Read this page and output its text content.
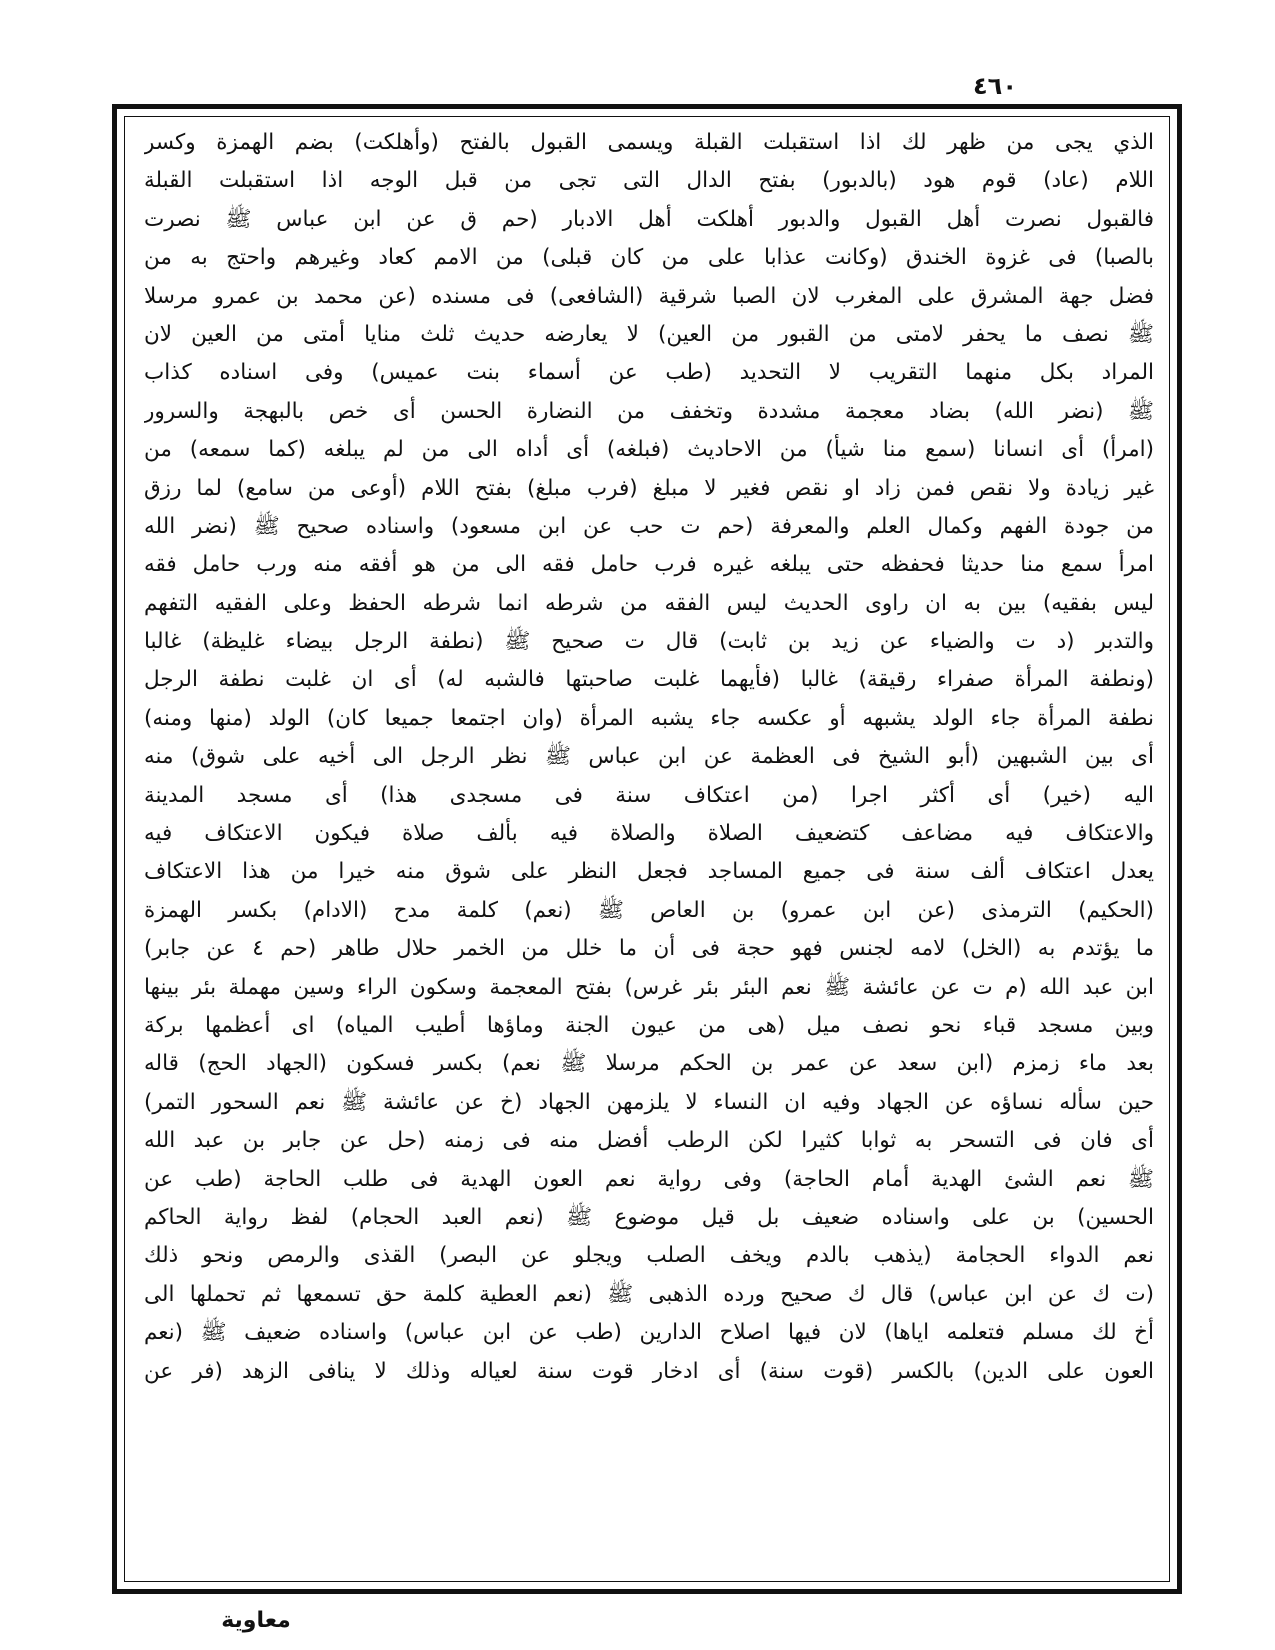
٤٦٠
الذي يجى من ظهر لك اذا استقبلت القبلة ويسمى القبول بالفتح (وأهلكت) بضم الهمزة وكسر
اللام (عاد) قوم هود (بالدبور) بفتح الدال التى تجى من قبل الوجه اذا استقبلت القبلة
فالقبول نصرت أهل القبول والدبور أهلكت أهل الادبار (حم ق عن ابن عباس ﷺ نصرت
بالصبا) فى غزوة الخندق (وكانت عذابا على من كان قبلى) من الامم كعاد وغيرهم واحتج به من
فضل جهة المشرق على المغرب لان الصبا شرقية (الشافعى) فى مسنده (عن محمد بن عمرو مرسلا
ﷺ نصف ما يحفر لامتى من القبور من العين) لا يعارضه حديث ثلث منايا أمتى من العين لان
المراد بكل منهما التقريب لا التحديد (طب عن أسماء بنت عميس) وفى اسناده كذاب
ﷺ (نضر الله) بضاد معجمة مشددة وتخفف من النضارة الحسن أى خص بالبهجة والسرور
(امرأ) أى انسانا (سمع منا شيأ) من الاحاديث (فبلغه) أى أداه الى من لم يبلغه (كما سمعه) من
غير زيادة ولا نقص فمن زاد او نقص فغير لا مبلغ (فرب مبلغ) بفتح اللام (أوعى من سامع) لما رزق
من جودة الفهم وكمال العلم والمعرفة (حم ت حب عن ابن مسعود) واسناده صحيح ﷺ (نضر الله
امرأ سمع منا حديثا فحفظه حتى يبلغه غيره فرب حامل فقه الى من هو أفقه منه ورب حامل فقه
ليس بفقيه) بين به ان راوى الحديث ليس الفقه من شرطه انما شرطه الحفظ وعلى الفقيه التفهم
والتدبر (د ت والضياء عن زيد بن ثابت) قال ت صحيح ﷺ (نطفة الرجل بيضاء غليظة) غالبا
(ونطفة المرأة صفراء رقيقة) غالبا (فأيهما غلبت صاحبتها فالشبه له) أى ان غلبت نطفة الرجل
نطفة المرأة جاء الولد يشبهه أو عكسه جاء يشبه المرأة (وان اجتمعا جميعا كان) الولد (منها ومنه)
أى بين الشبهين (أبو الشيخ فى العظمة عن ابن عباس ﷺ نظر الرجل الى أخيه على شوق) منه
اليه (خير) أى أكثر اجرا (من اعتكاف سنة فى مسجدى هذا) أى مسجد المدينة
والاعتكاف فيه مضاعف كتضعيف الصلاة والصلاة فيه بألف صلاة فيكون الاعتكاف فيه
يعدل اعتكاف ألف سنة فى جميع المساجد فجعل النظر على شوق منه خيرا من هذا الاعتكاف
(الحكيم) الترمذى (عن ابن عمرو) بن العاص ﷺ (نعم) كلمة مدح (الادام) بكسر الهمزة
ما يؤتدم به (الخل) لامه لجنس فهو حجة فى أن ما خلل من الخمر حلال طاهر (حم ٤ عن جابر)
ابن عبد الله (م ت عن عائشة ﷺ نعم البئر بئر غرس) بفتح المعجمة وسكون الراء وسين مهملة بئر بينها
وبين مسجد قباء نحو نصف ميل (هى من عيون الجنة وماؤها أطيب المياه) اى أعظمها بركة
بعد ماء زمزم (ابن سعد عن عمر بن الحكم مرسلا ﷺ نعم) بكسر فسكون (الجهاد الحج) قاله
حين سأله نساؤه عن الجهاد وفيه ان النساء لا يلزمهن الجهاد (خ عن عائشة ﷺ نعم السحور التمر)
أى فان فى التسحر به ثوابا كثيرا لكن الرطب أفضل منه فى زمنه (حل عن جابر بن عبد الله
ﷺ نعم الشئ الهدية أمام الحاجة) وفى رواية نعم العون الهدية فى طلب الحاجة (طب عن
الحسين) بن على واسناده ضعيف بل قيل موضوع ﷺ (نعم العبد الحجام) لفظ رواية الحاكم
نعم الدواء الحجامة (يذهب بالدم ويخف الصلب ويجلو عن البصر) القذى والرمص ونحو ذلك
(ت ك عن ابن عباس) قال ك صحيح ورده الذهبى ﷺ (نعم العطية كلمة حق تسمعها ثم تحملها الى
أخ لك مسلم فتعلمه اياها) لان فيها اصلاح الدارين (طب عن ابن عباس) واسناده ضعيف ﷺ (نعم
العون على الدين) بالكسر (قوت سنة) أى ادخار قوت سنة لعياله وذلك لا ينافى الزهد (فر عن
معاوية
